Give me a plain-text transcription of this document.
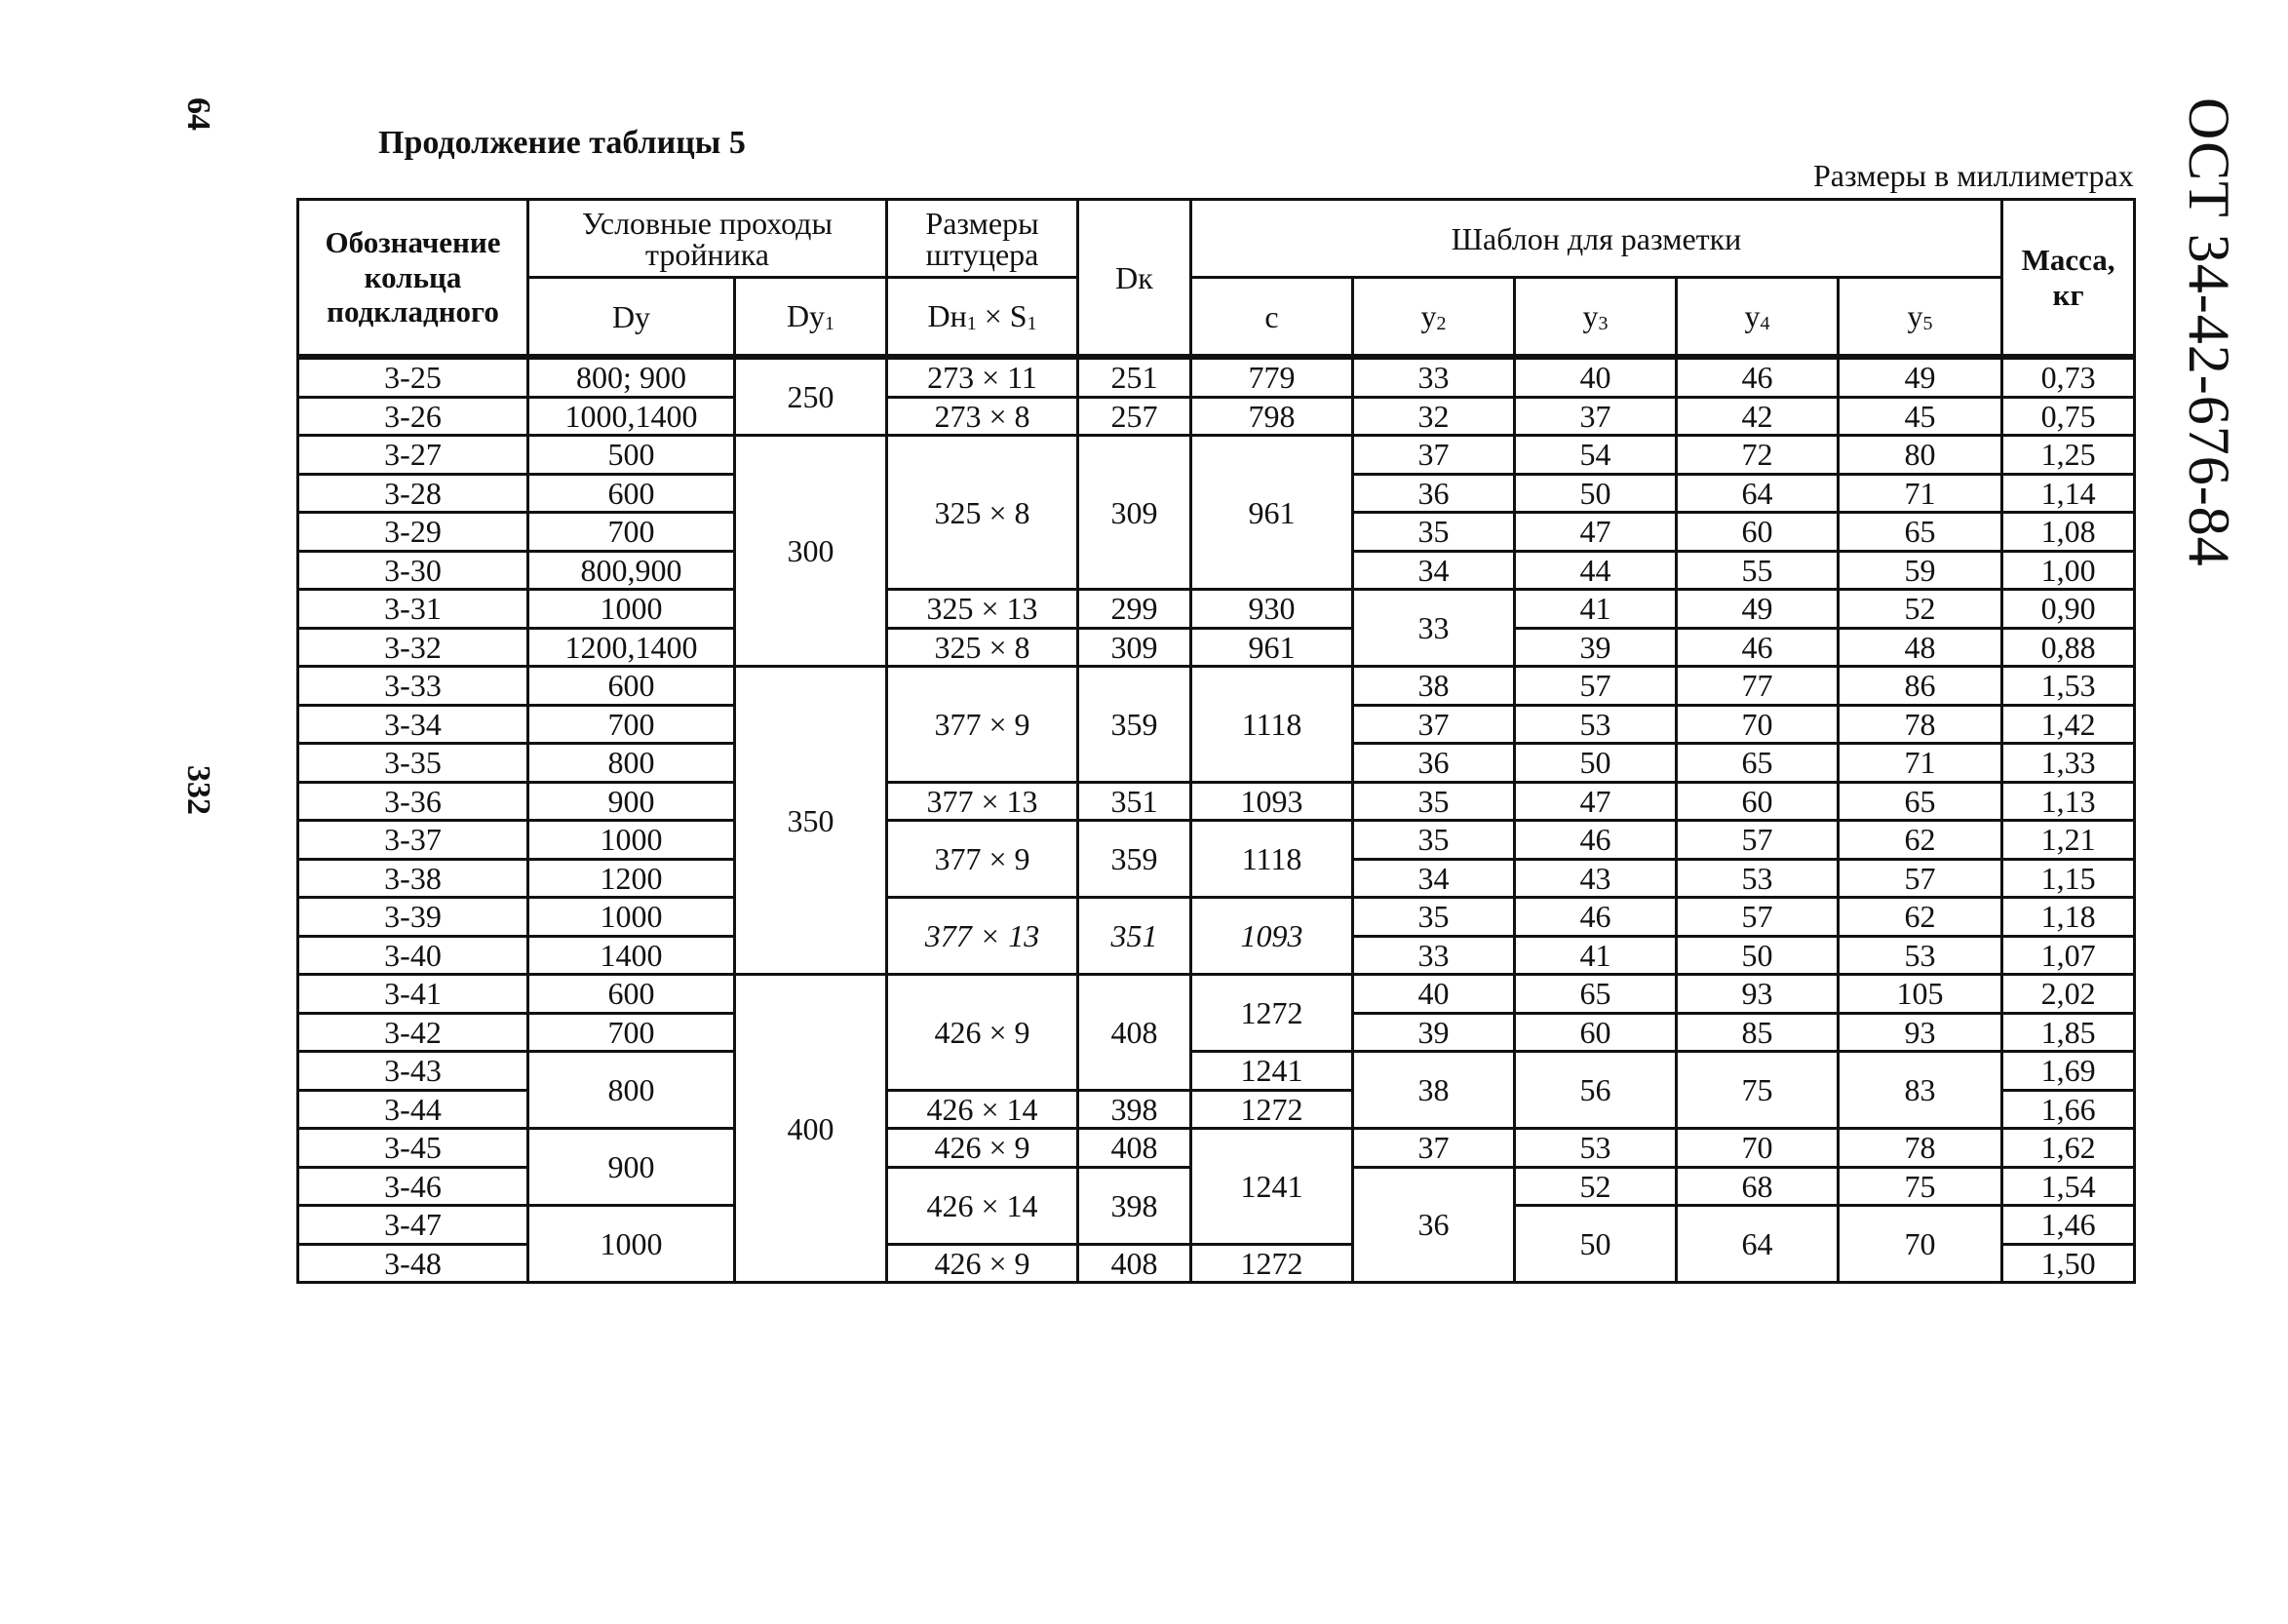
64
332
ОСТ 34-42-676-84
Продолжение таблицы 5
Размеры в миллиметрах
Обозначение кольца подкладного	Условные проходы тройника		Размеры штуцера	Dк	Шаблон для разметки					Масса, кг
	Dy	$Dy_1$	$Dн_1 \times S_1$		c	$y_2$	$y_3$	$y_4$	$y_5$
3-25	800; 900	250	273 × 11	251	779	33	40	46	49	0,73
3-26	1000,1400		273 × 8	257	798	32	37	42	45	0,75
3-27	500	300	325 × 8	309	961	37	54	72	80	1,25
3-28	600					36	50	64	71	1,14
3-29	700					35	47	60	65	1,08
3-30	800,900					34	44	55	59	1,00
3-31	1000		325 × 13	299	930	33	41	49	52	0,90
3-32	1200,1400		325 × 8	309	961		39	46	48	0,88
3-33	600	350	377 × 9	359	1118	38	57	77	86	1,53
3-34	700					37	53	70	78	1,42
3-35	800					36	50	65	71	1,33
3-36	900		377 × 13	351	1093	35	47	60	65	1,13
3-37	1000		377 × 9	359	1118	35	46	57	62	1,21
3-38	1200					34	43	53	57	1,15
3-39	1000		377 × 13	351	1093	35	46	57	62	1,18
3-40	1400					33	41	50	53	1,07
3-41	600	400	426 × 9	408	1272	40	65	93	105	2,02
3-42	700					39	60	85	93	1,85
3-43	800				1241	38	56	75	83	1,69
3-44			426 × 14	398	1272					1,66
3-45	900		426 × 9	408	1241	37	53	70	78	1,62
3-46			426 × 14	398		36	52	68	75	1,54
3-47	1000						50	64	70	1,46
3-48			426 × 9	408	1272					1,50
